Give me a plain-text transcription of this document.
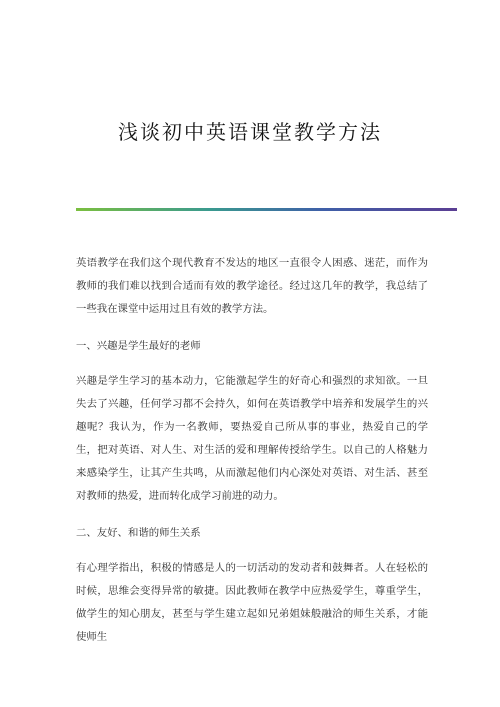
浅谈初中英语课堂教学方法

英语教学在我们这个现代教育不发达的地区一直很令人困惑、迷茫，而作为教师的我们难以找到合适而有效的教学途径。经过这几年的教学，我总结了一些我在课堂中运用过且有效的教学方法。

一、兴趣是学生最好的老师

兴趣是学生学习的基本动力，它能激起学生的好奇心和强烈的求知欲。一旦失去了兴趣，任何学习都不会持久，如何在英语教学中培养和发展学生的兴趣呢？我认为，作为一名教师，要热爱自己所从事的事业，热爱自己的学生，把对英语、对人生、对生活的爱和理解传授给学生。以自己的人格魅力来感染学生，让其产生共鸣，从而激起他们内心深处对英语、对生活、甚至对教师的热爱，进而转化成学习前进的动力。

二、友好、和谐的师生关系

有心理学指出，积极的情感是人的一切活动的发动者和鼓舞者。人在轻松的时候，思维会变得异常的敏捷。因此教师在教学中应热爱学生，尊重学生，做学生的知心朋友，甚至与学生建立起如兄弟姐妹般融洽的师生关系，才能使师生
